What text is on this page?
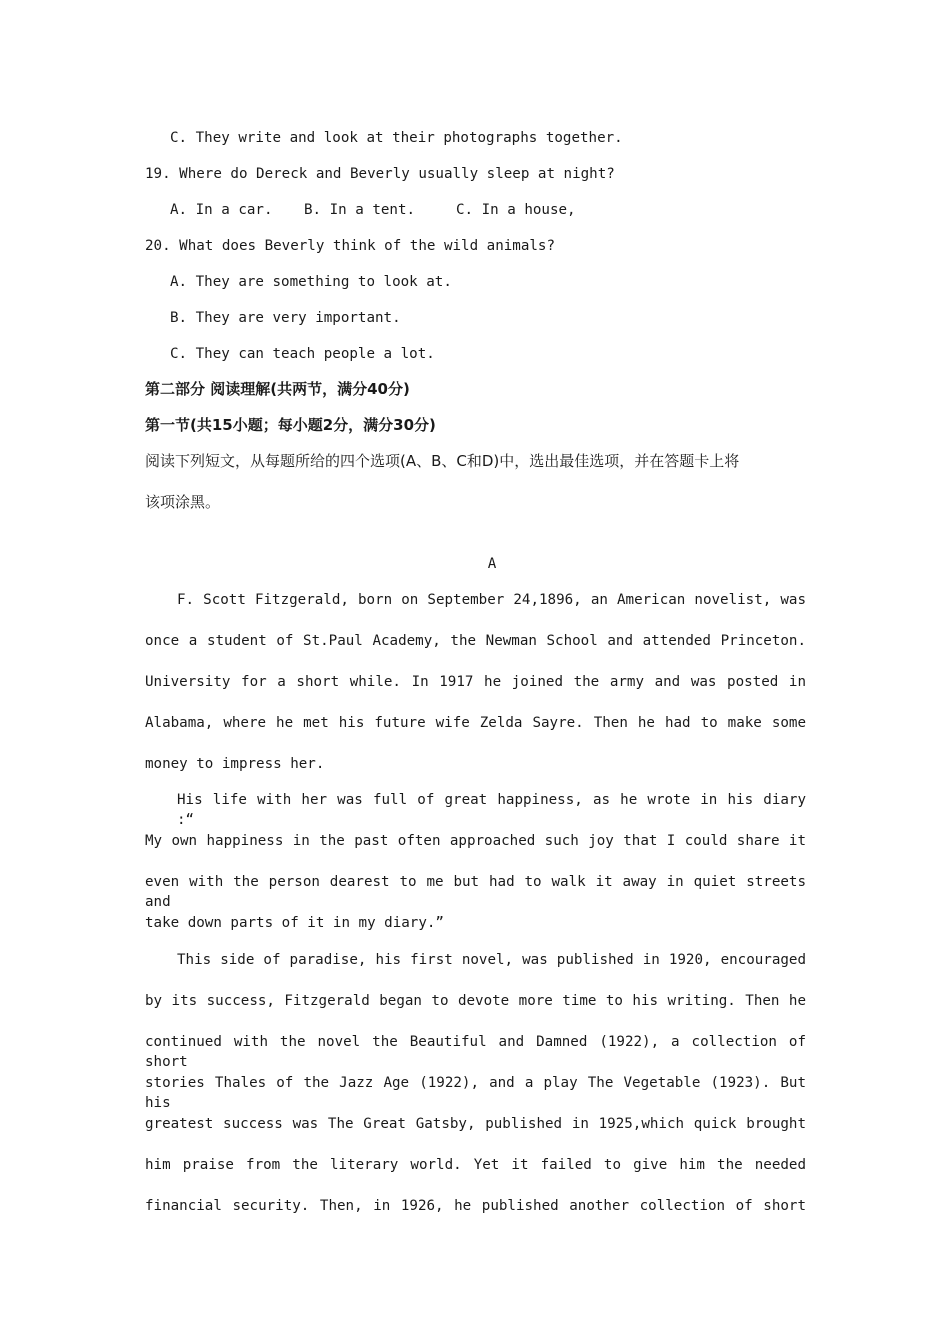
C. They write and look at their photographs together.
19. Where do Dereck and Beverly usually sleep at night?
A. In a car. B. In a tent.	C. In a house,
20. What does Beverly think of the wild animals?
A. They are something to look at.
B. They are very important.
C. They can teach people a lot.
第二部分 阅读理解(共两节，满分40分)
第一节(共15小题；每小题2分，满分30分)
阅读下列短文，从每题所给的四个选项(A、B、C和D)中，选出最佳选项，并在答题卡上将
该项涂黑。
A
F. Scott Fitzgerald, born on September 24,1896, an American novelist, was
once a student of St.Paul Academy, the Newman School and attended Princeton.
University for a short while. In 1917 he joined the army and was posted in
Alabama, where he met his future wife Zelda Sayre. Then he had to make some
money to impress her.
His life with her was full of great happiness, as he wrote in his diary :“
My own happiness in the past often approached such joy that I could share it
even with the person dearest to me but had to walk it away in quiet streets and
take down parts of it in my diary.”
This side of paradise, his first novel, was published in 1920, encouraged
by its success, Fitzgerald began to devote more time to his writing. Then he
continued with the novel the Beautiful and Damned (1922), a collection of short
stories Thales of the Jazz Age (1922), and a play The Vegetable (1923). But his
greatest success was The Great Gatsby, published in 1925,which quick brought
him praise from the literary world. Yet it failed to give him the needed
financial security. Then, in 1926, he published another collection of short
